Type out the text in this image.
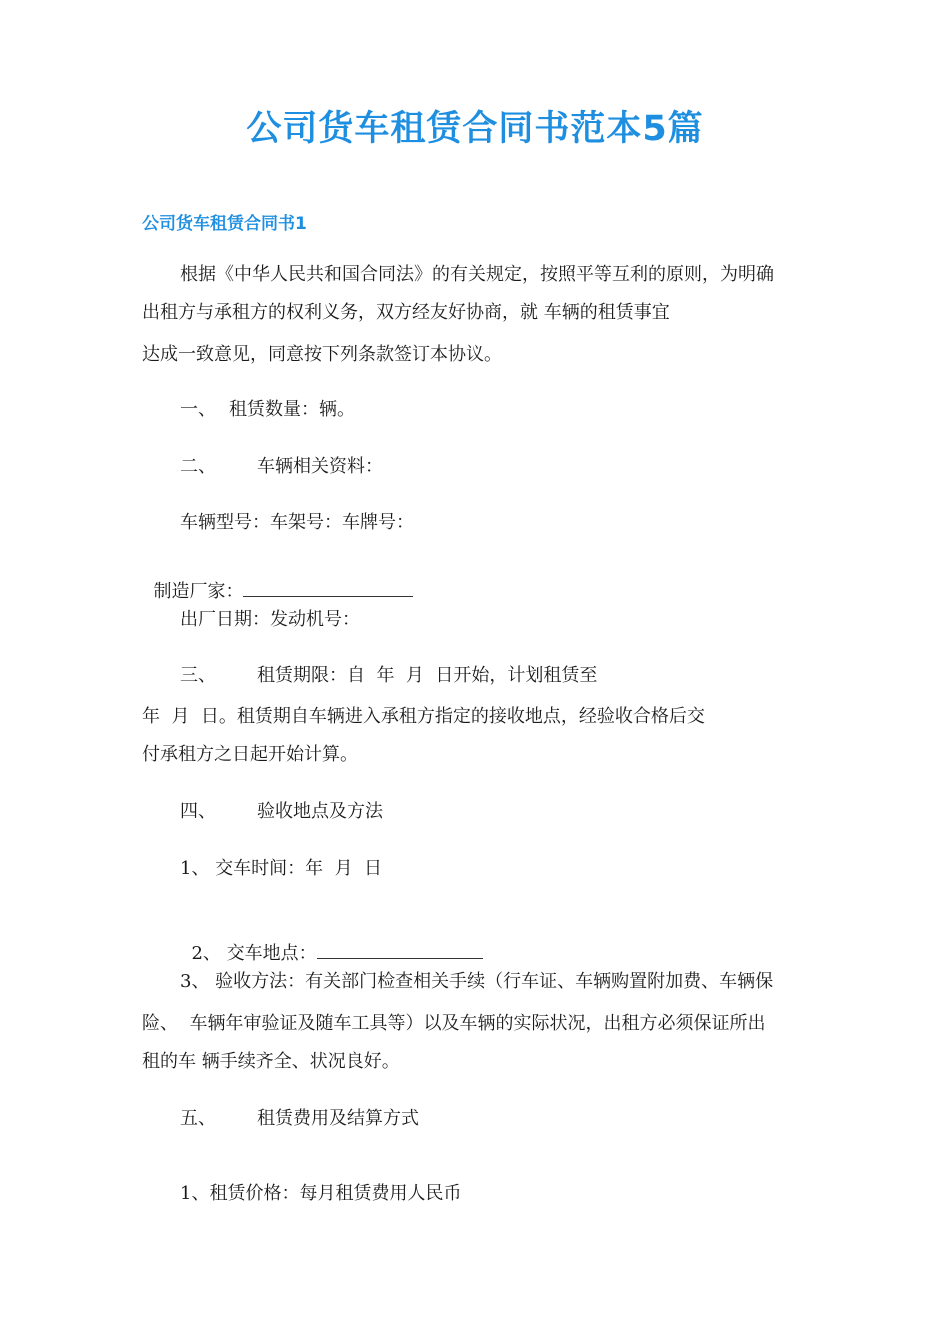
公司货车租赁合同书范本5篇
公司货车租赁合同书1
根据《中华人民共和国合同法》的有关规定，按照平等互利的原则，为明确
出租方与承租方的权利义务，双方经友好协商，就 车辆的租赁事宜
达成一致意见，同意按下列条款签订本协议。
一、 租赁数量：辆。
二、 车辆相关资料：
车辆型号：车架号：车牌号：

制造厂家：

出厂日期：发动机号：
三、 租赁期限：自  年  月  日开始，计划租赁至
年  月  日。租赁期自车辆进入承租方指定的接收地点，经验收合格后交
付承租方之日起开始计算。
四、 验收地点及方法
1、 交车时间：年  月  日

2、 交车地点：

3、 验收方法：有关部门检查相关手续（行车证、车辆购置附加费、车辆保
险、  车辆年审验证及随车工具等）以及车辆的实际状况，出租方必须保证所出
租的车 辆手续齐全、状况良好。
五、 租赁费用及结算方式
1、租赁价格：每月租赁费用人民币
